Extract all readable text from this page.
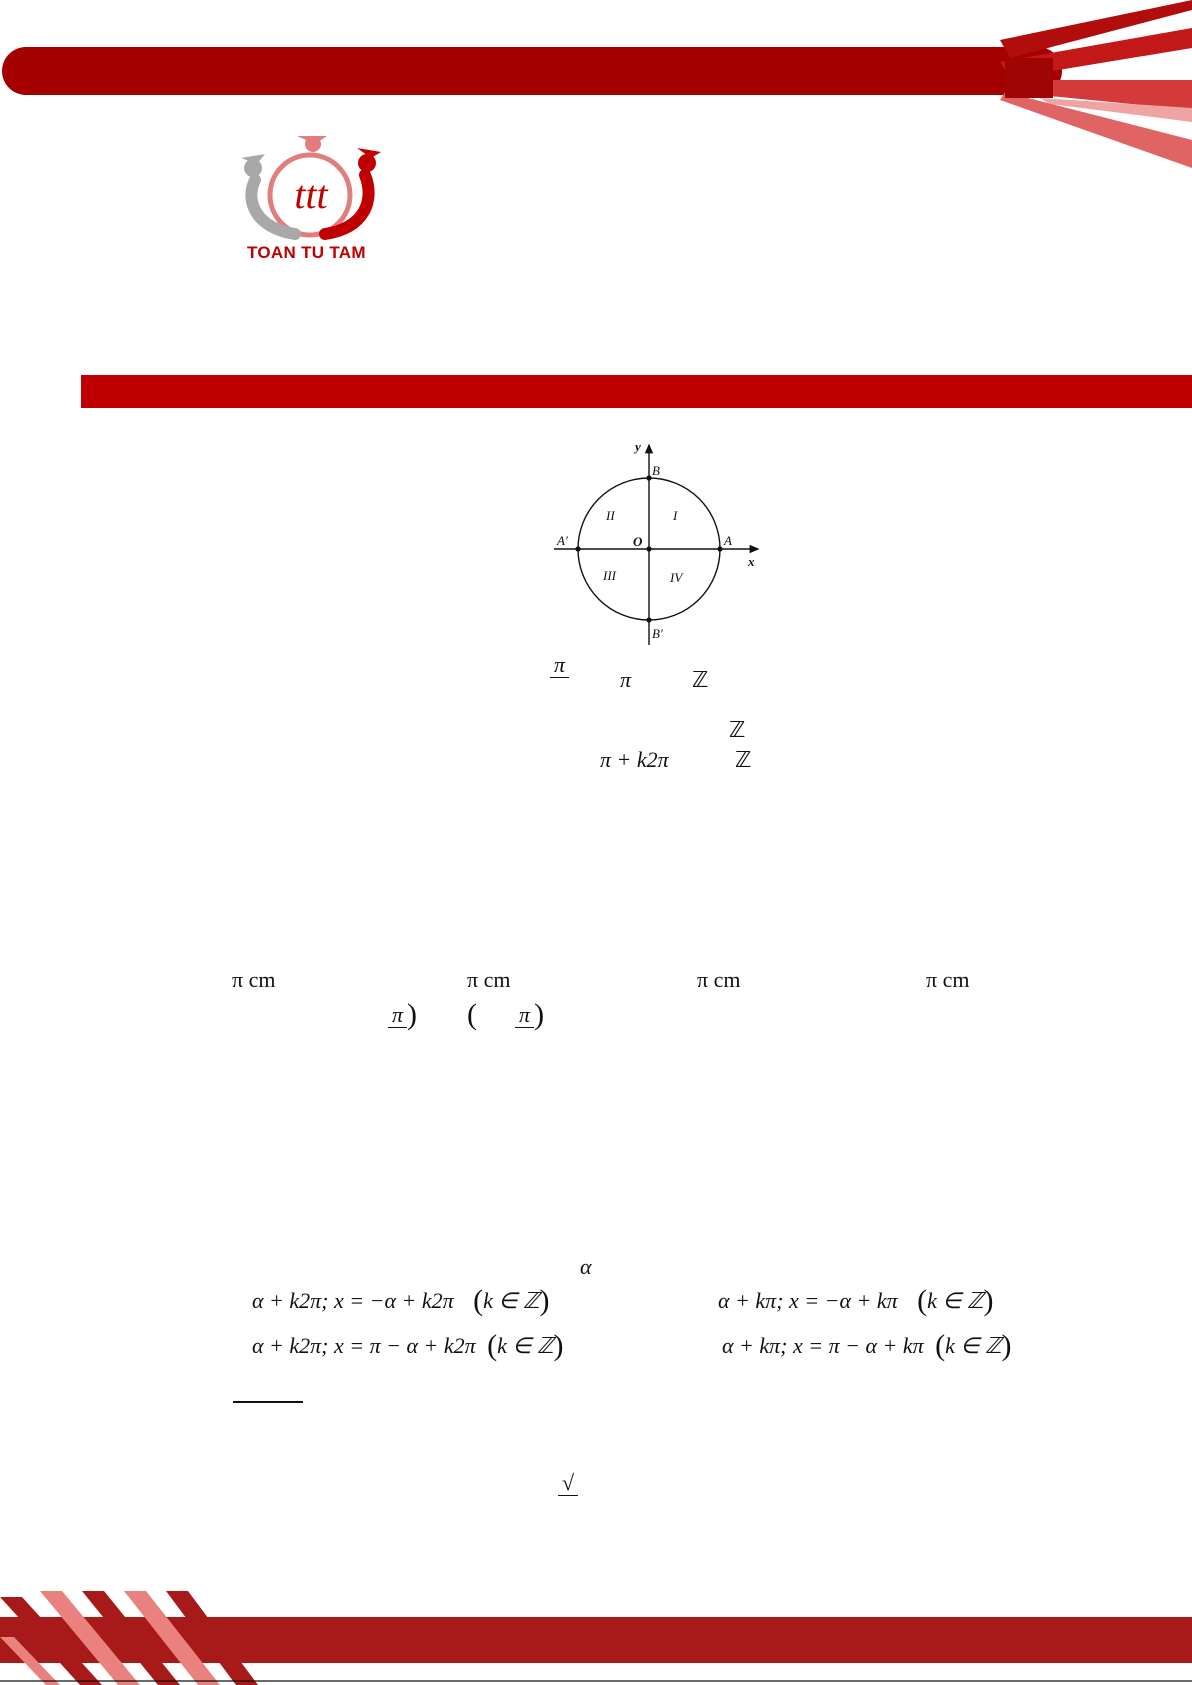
ttt
TOAN TU TAM
y
x
O	A
A′
B
B′
I
II
III	IV
π
π	ℤ
ℤ
π + k2π	ℤ
π cm	π cm	π cm	π cm
π ) ( π )
α
α + k2π; x = −α + k2π (k ∈ ℤ)	α + kπ; x = −α + kπ (k ∈ ℤ)
α + k2π; x = π − α + k2π (k ∈ ℤ)	α + kπ; x = π − α + kπ (k ∈ ℤ)
√
